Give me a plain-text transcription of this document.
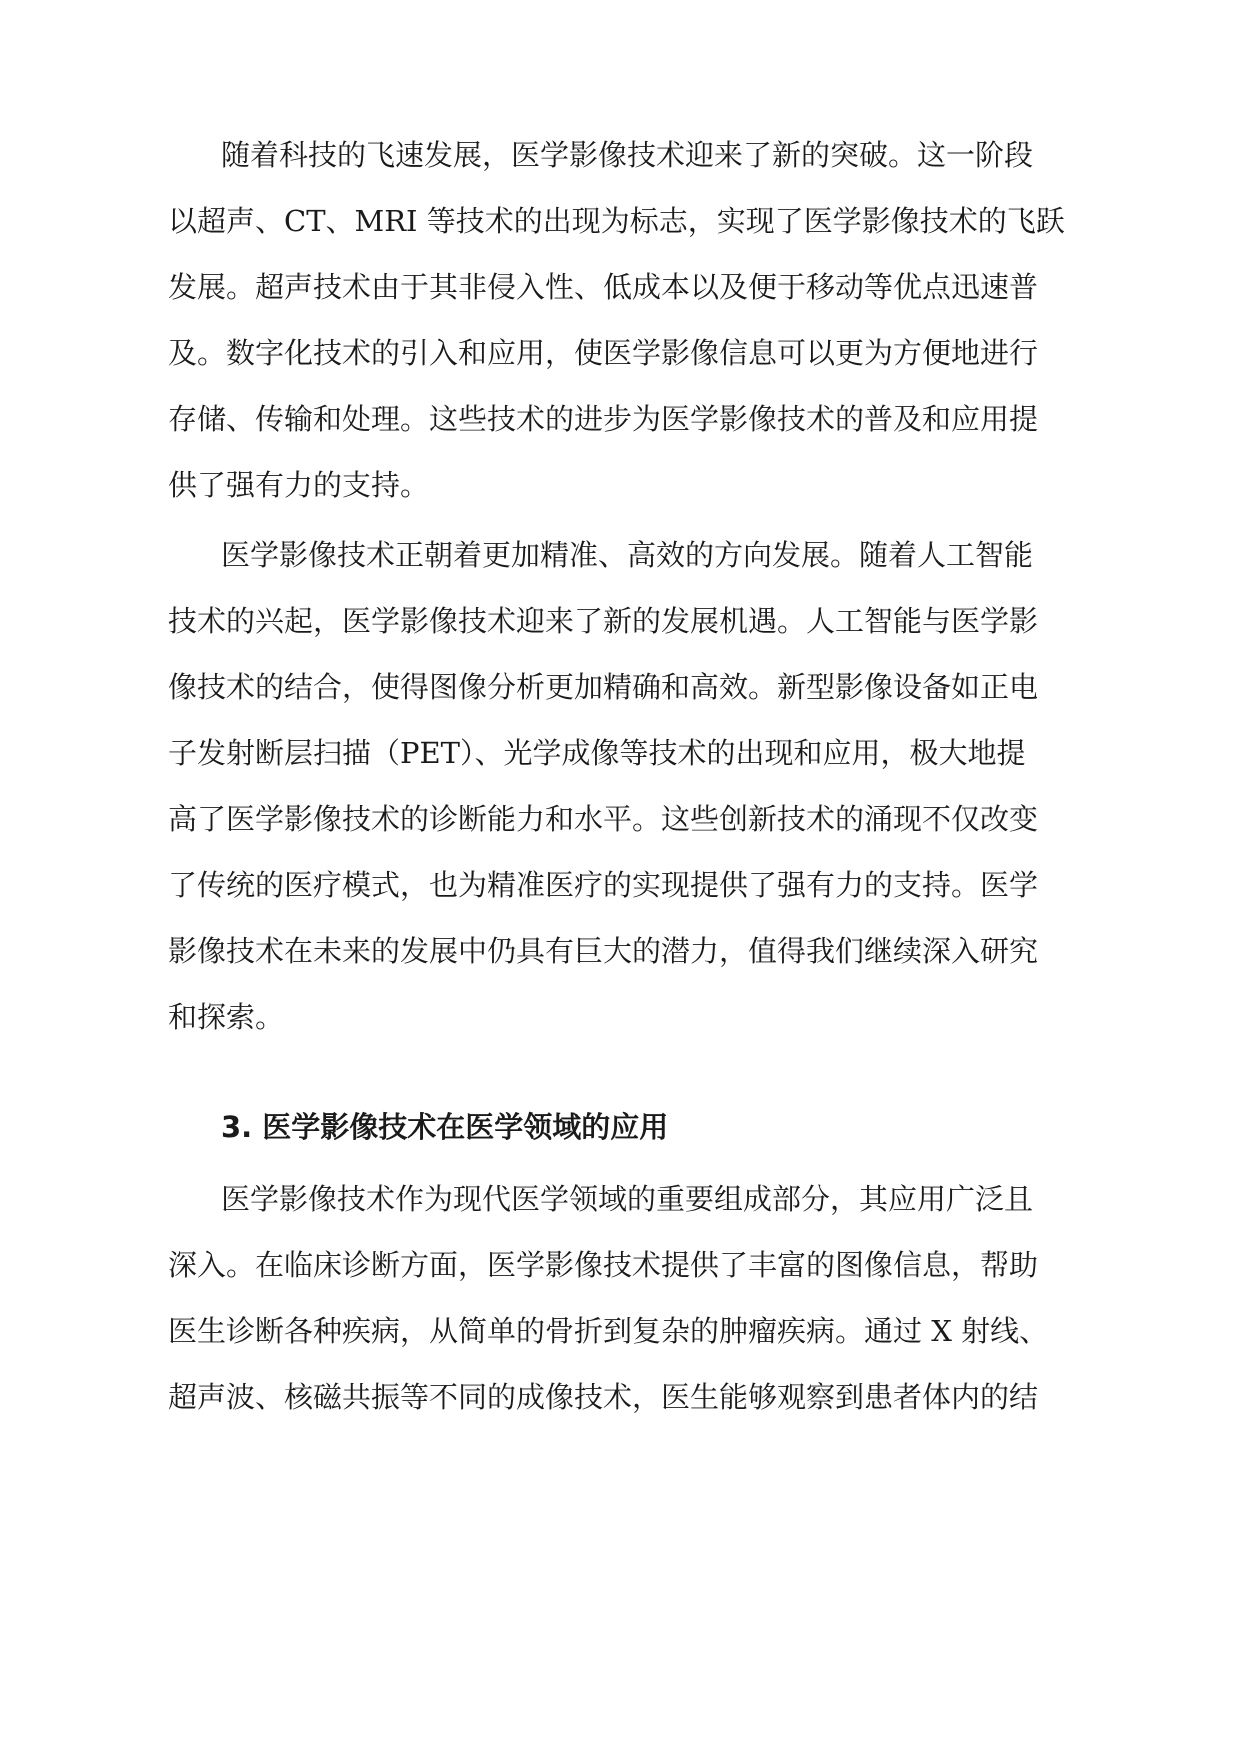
随着科技的飞速发展，医学影像技术迎来了新的突破。这一阶段
以超声、CT、MRI 等技术的出现为标志，实现了医学影像技术的飞跃
发展。超声技术由于其非侵入性、低成本以及便于移动等优点迅速普
及。数字化技术的引入和应用，使医学影像信息可以更为方便地进行
存储、传输和处理。这些技术的进步为医学影像技术的普及和应用提
供了强有力的支持。
医学影像技术正朝着更加精准、高效的方向发展。随着人工智能
技术的兴起，医学影像技术迎来了新的发展机遇。人工智能与医学影
像技术的结合，使得图像分析更加精确和高效。新型影像设备如正电
子发射断层扫描（PET）、光学成像等技术的出现和应用，极大地提
高了医学影像技术的诊断能力和水平。这些创新技术的涌现不仅改变
了传统的医疗模式，也为精准医疗的实现提供了强有力的支持。医学
影像技术在未来的发展中仍具有巨大的潜力，值得我们继续深入研究
和探索。
3. 医学影像技术在医学领域的应用
医学影像技术作为现代医学领域的重要组成部分，其应用广泛且
深入。在临床诊断方面，医学影像技术提供了丰富的图像信息，帮助
医生诊断各种疾病，从简单的骨折到复杂的肿瘤疾病。通过 X 射线、
超声波、核磁共振等不同的成像技术，医生能够观察到患者体内的结
